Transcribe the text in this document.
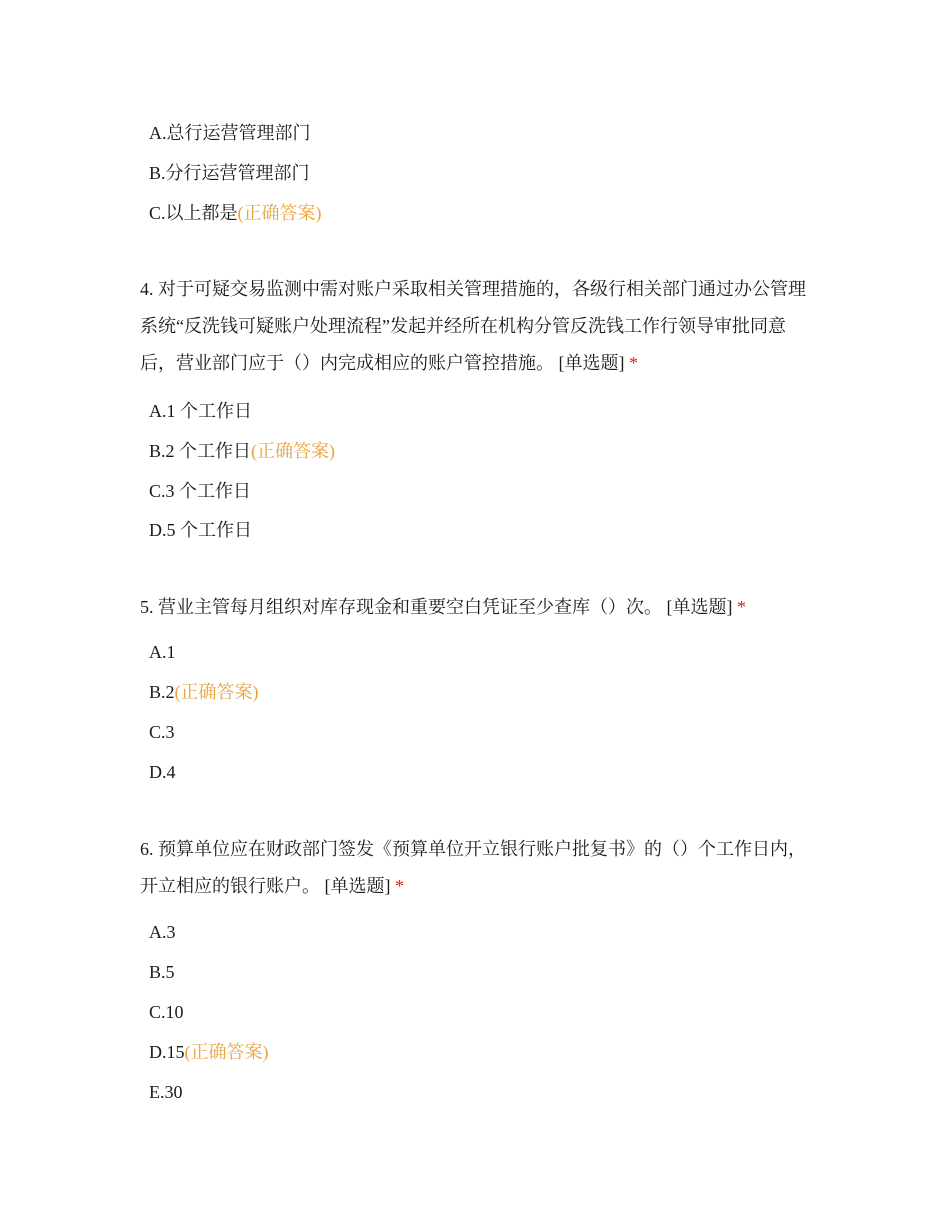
A.总行运营管理部门
B.分行运营管理部门
C.以上都是(正确答案)
4. 对于可疑交易监测中需对账户采取相关管理措施的，各级行相关部门通过办公管理系统“反洗钱可疑账户处理流程”发起并经所在机构分管反洗钱工作行领导审批同意后，营业部门应于（）内完成相应的账户管控措施。 [单选题] *
A.1 个工作日
B.2 个工作日(正确答案)
C.3 个工作日
D.5 个工作日
5. 营业主管每月组织对库存现金和重要空白凭证至少查库（）次。 [单选题] *
A.1
B.2(正确答案)
C.3
D.4
6. 预算单位应在财政部门签发《预算单位开立银行账户批复书》的（）个工作日内，开立相应的银行账户。 [单选题] *
A.3
B.5
C.10
D.15(正确答案)
E.30
